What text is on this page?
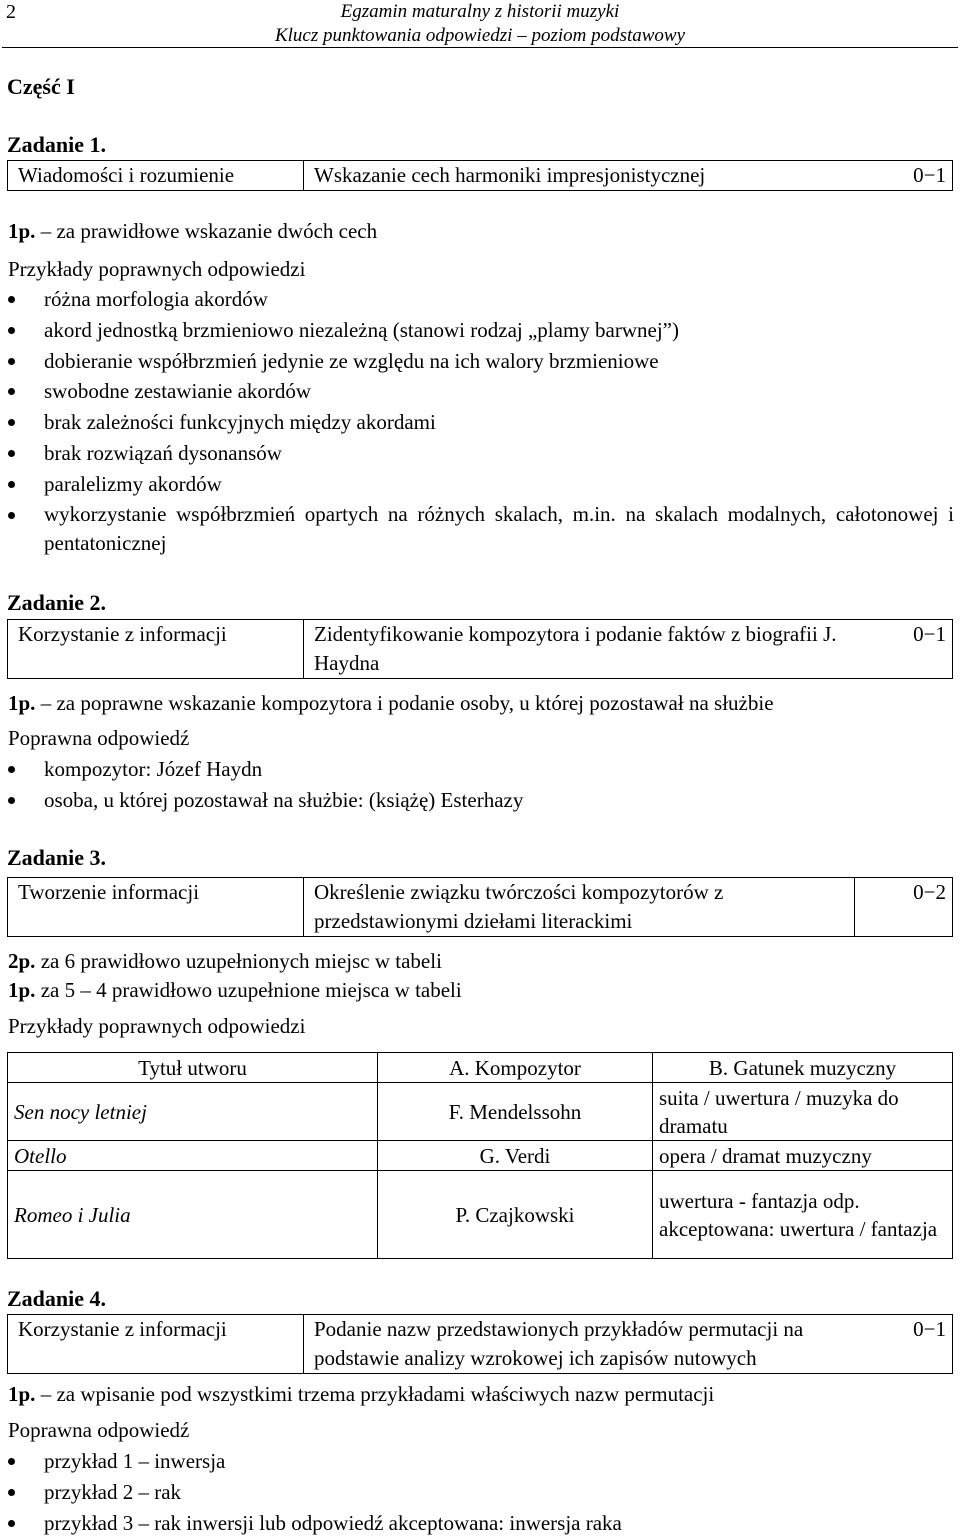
2	Egzamin maturalny z historii muzyki
Klucz punktowania odpowiedzi – poziom podstawowy
Część I
Zadanie 1.
Wiadomości i rozumienie	Wskazanie cech harmoniki impresjonistycznej	0−1
1p. – za prawidłowe wskazanie dwóch cech
Przykłady poprawnych odpowiedzi
różna morfologia akordów
akord jednostką brzmieniowo niezależną (stanowi rodzaj „plamy barwnej”)
dobieranie współbrzmień jedynie ze względu na ich walory brzmieniowe
swobodne zestawianie akordów
brak zależności funkcyjnych między akordami
brak rozwiązań dysonansów
paralelizmy akordów
wykorzystanie współbrzmień opartych na różnych skalach, m.in. na skalach modalnych, całotonowej i pentatonicznej
Zadanie 2.
Korzystanie z informacji	Zidentyfikowanie kompozytora i podanie faktów z biografii J. Haydna	0−1
1p. – za poprawne wskazanie kompozytora i podanie osoby, u której pozostawał na służbie
Poprawna odpowiedź
kompozytor: Józef Haydn
osoba, u której pozostawał na służbie: (książę) Esterhazy
Zadanie 3.
Tworzenie informacji	Określenie związku twórczości kompozytorów z przedstawionymi dziełami literackimi	0−2
2p. za 6 prawidłowo uzupełnionych miejsc w tabeli
1p. za 5 – 4 prawidłowo uzupełnione miejsca w tabeli
Przykłady poprawnych odpowiedzi
Tytuł utworu	A. Kompozytor	B. Gatunek muzyczny
Sen nocy letniej	F. Mendelssohn	suita / uwertura / muzyka do dramatu
Otello	G. Verdi	opera / dramat muzyczny
Romeo i Julia	P. Czajkowski	uwertura - fantazja odp. akceptowana: uwertura / fantazja
Zadanie 4.
Korzystanie z informacji	Podanie nazw przedstawionych przykładów permutacji na podstawie analizy wzrokowej ich zapisów nutowych	0−1
1p. – za wpisanie pod wszystkimi trzema przykładami właściwych nazw permutacji
Poprawna odpowiedź
przykład 1 – inwersja
przykład 2 – rak
przykład 3 – rak inwersji lub odpowiedź akceptowana: inwersja raka
